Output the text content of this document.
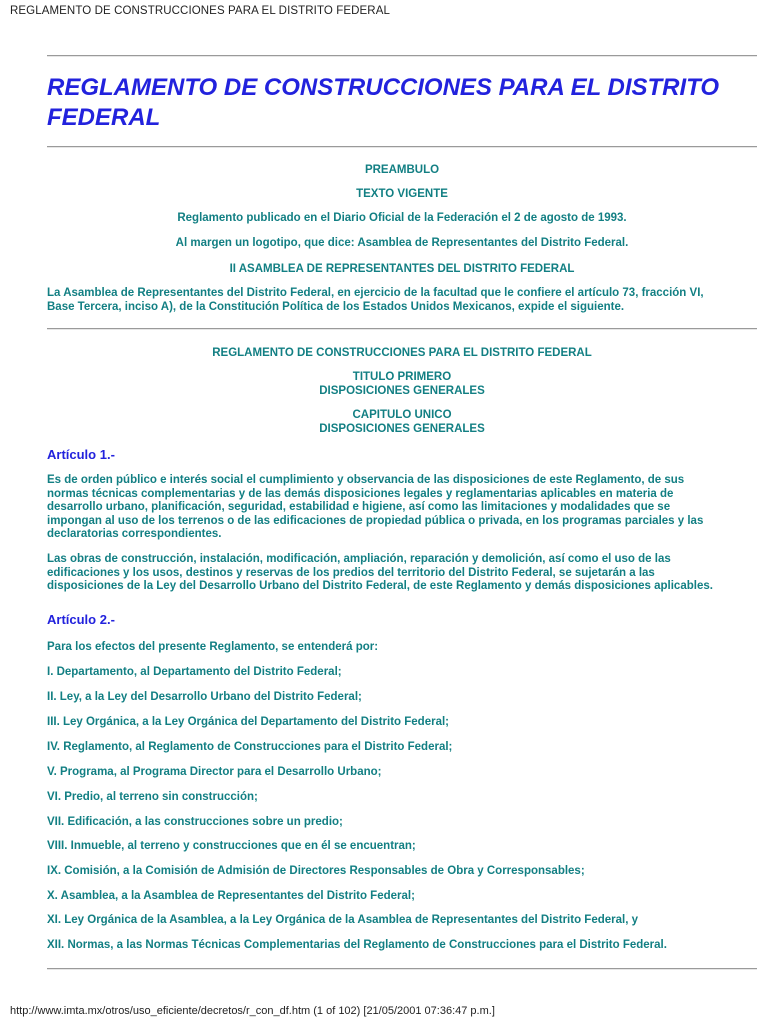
REGLAMENTO DE CONSTRUCCIONES PARA EL DISTRITO FEDERAL
REGLAMENTO DE CONSTRUCCIONES PARA EL DISTRITO
FEDERAL
PREAMBULO
TEXTO VIGENTE
Reglamento publicado en el Diario Oficial de la Federación el 2 de agosto de 1993.
Al margen un logotipo, que dice: Asamblea de Representantes del Distrito Federal.
II ASAMBLEA DE REPRESENTANTES DEL DISTRITO FEDERAL

La Asamblea de Representantes del Distrito Federal, en ejercicio de la facultad que le confiere el artículo 73, fracción VI,
Base Tercera, inciso A), de la Constitución Política de los Estados Unidos Mexicanos, expide el siguiente.

REGLAMENTO DE CONSTRUCCIONES PARA EL DISTRITO FEDERAL
TITULO PRIMERO
DISPOSICIONES GENERALES
CAPITULO UNICO
DISPOSICIONES GENERALES
Artículo 1.-

Es de orden público e interés social el cumplimiento y observancia de las disposiciones de este Reglamento, de sus
normas técnicas complementarias y de las demás disposiciones legales y reglamentarias aplicables en materia de
desarrollo urbano, planificación, seguridad, estabilidad e higiene, así como las limitaciones y modalidades que se
impongan al uso de los terrenos o de las edificaciones de propiedad pública o privada, en los programas parciales y las
declaratorias correspondientes.

Las obras de construcción, instalación, modificación, ampliación, reparación y demolición, así como el uso de las
edificaciones y los usos, destinos y reservas de los predios del territorio del Distrito Federal, se sujetarán a las
disposiciones de la Ley del Desarrollo Urbano del Distrito Federal, de este Reglamento y demás disposiciones aplicables.

Artículo 2.-
Para los efectos del presente Reglamento, se entenderá por:
I. Departamento, al Departamento del Distrito Federal;
II. Ley, a la Ley del Desarrollo Urbano del Distrito Federal;
III. Ley Orgánica, a la Ley Orgánica del Departamento del Distrito Federal;
IV. Reglamento, al Reglamento de Construcciones para el Distrito Federal;
V. Programa, al Programa Director para el Desarrollo Urbano;
VI. Predio, al terreno sin construcción;
VII. Edificación, a las construcciones sobre un predio;
VIII. Inmueble, al terreno y construcciones que en él se encuentran;
IX. Comisión, a la Comisión de Admisión de Directores Responsables de Obra y Corresponsables;
X. Asamblea, a la Asamblea de Representantes del Distrito Federal;
XI. Ley Orgánica de la Asamblea, a la Ley Orgánica de la Asamblea de Representantes del Distrito Federal, y
XII. Normas, a las Normas Técnicas Complementarias del Reglamento de Construcciones para el Distrito Federal.
http://www.imta.mx/otros/uso_eficiente/decretos/r_con_df.htm (1 of 102) [21/05/2001 07:36:47 p.m.]
